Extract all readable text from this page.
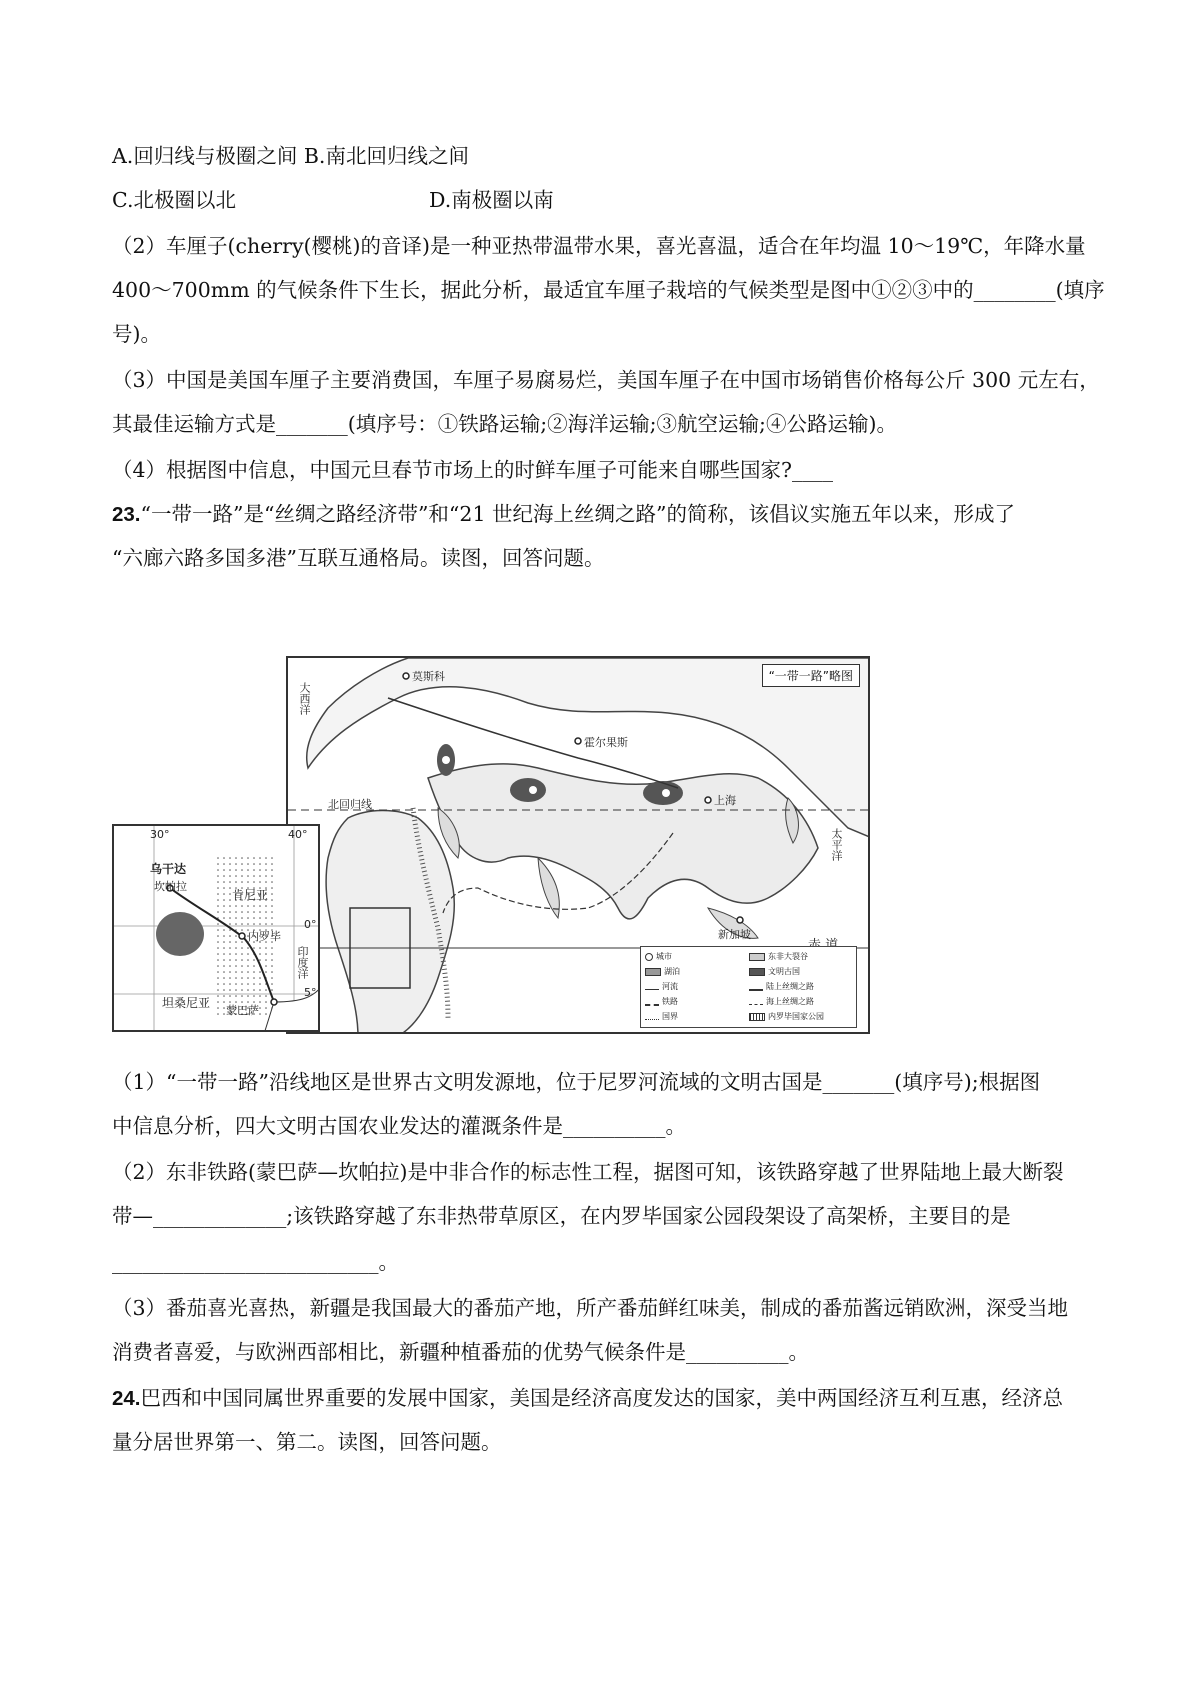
A.回归线与极圈之间 B.南北回归线之间
C.北极圈以北	D.南极圈以南
（2）车厘子(cherry(樱桃)的音译)是一种亚热带温带水果，喜光喜温，适合在年均温 10～19℃，年降水量
400～700mm 的气候条件下生长，据此分析，最适宜车厘子栽培的气候类型是图中①②③中的________(填序
号)。
（3）中国是美国车厘子主要消费国，车厘子易腐易烂，美国车厘子在中国市场销售价格每公斤 300 元左右，
其最佳运输方式是_______(填序号：①铁路运输;②海洋运输;③航空运输;④公路运输)。
（4）根据图中信息，中国元旦春节市场上的时鲜车厘子可能来自哪些国家?____
23.“一带一路”是“丝绸之路经济带”和“21 世纪海上丝绸之路”的简称，该倡议实施五年以来，形成了
“六廊六路多国多港”互联互通格局。读图，回答问题。
“一带一路”略图
北回归线
大西洋
太平洋
莫斯科
霍尔果斯
新加坡
上海
城市	东非大裂谷
湖泊	文明古国
河流	陆上丝绸之路
铁路	海上丝绸之路
国界	内罗毕国家公园
30°	40°
0°
5°
乌干达
坎帕拉
肯尼亚
内罗毕
坦桑尼亚
蒙巴萨
印度洋
（1）“一带一路”沿线地区是世界古文明发源地，位于尼罗河流域的文明古国是_______(填序号);根据图
中信息分析，四大文明古国农业发达的灌溉条件是__________。
（2）东非铁路(蒙巴萨—坎帕拉)是中非合作的标志性工程，据图可知，该铁路穿越了世界陆地上最大断裂
带—_____________;该铁路穿越了东非热带草原区，在内罗毕国家公园段架设了高架桥，主要目的是
__________________________。
（3）番茄喜光喜热，新疆是我国最大的番茄产地，所产番茄鲜红味美，制成的番茄酱远销欧洲，深受当地
消费者喜爱，与欧洲西部相比，新疆种植番茄的优势气候条件是__________。
24.巴西和中国同属世界重要的发展中国家，美国是经济高度发达的国家，美中两国经济互利互惠，经济总
量分居世界第一、第二。读图，回答问题。
